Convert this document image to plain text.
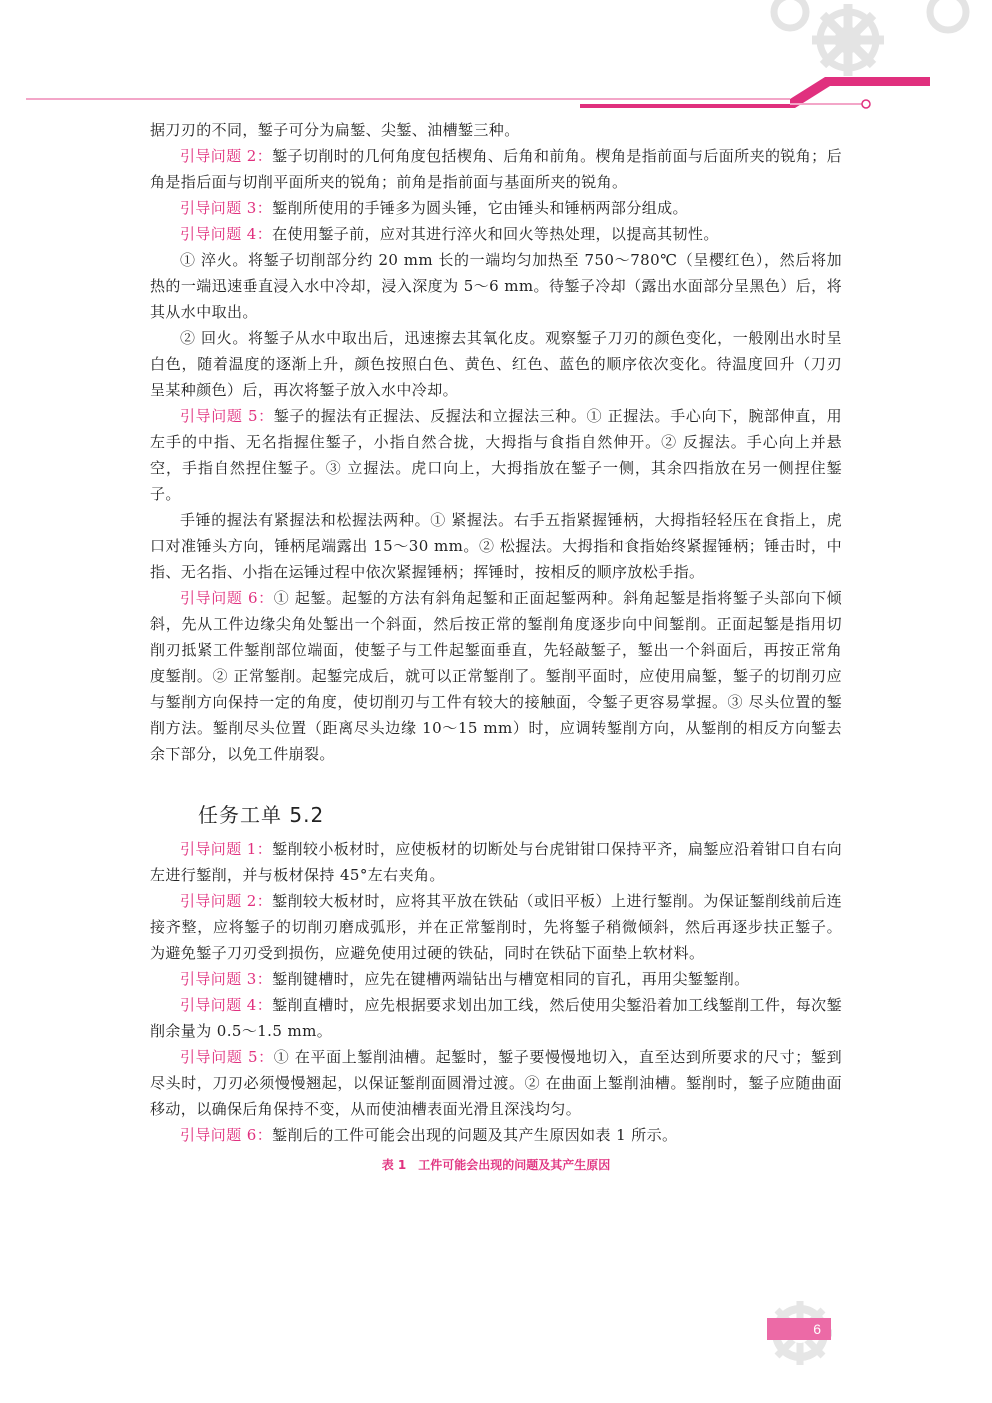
据刀刃的不同，錾子可分为扁錾、尖錾、油槽錾三种。

引导问题 2：錾子切削时的几何角度包括楔角、后角和前角。楔角是指前面与后面所夹的锐角；后角是指后面与切削平面所夹的锐角；前角是指前面与基面所夹的锐角。

引导问题 3：錾削所使用的手锤多为圆头锤，它由锤头和锤柄两部分组成。

引导问题 4：在使用錾子前，应对其进行淬火和回火等热处理，以提高其韧性。

① 淬火。将錾子切削部分约 20 mm 长的一端均匀加热至 750～780℃（呈樱红色），然后将加热的一端迅速垂直浸入水中冷却，浸入深度为 5～6 mm。待錾子冷却（露出水面部分呈黑色）后，将其从水中取出。

② 回火。将錾子从水中取出后，迅速擦去其氧化皮。观察錾子刀刃的颜色变化，一般刚出水时呈白色，随着温度的逐渐上升，颜色按照白色、黄色、红色、蓝色的顺序依次变化。待温度回升（刀刃呈某种颜色）后，再次将錾子放入水中冷却。

引导问题 5：錾子的握法有正握法、反握法和立握法三种。① 正握法。手心向下，腕部伸直，用左手的中指、无名指握住錾子，小指自然合拢，大拇指与食指自然伸开。② 反握法。手心向上并悬空，手指自然捏住錾子。③ 立握法。虎口向上，大拇指放在錾子一侧，其余四指放在另一侧捏住錾子。

手锤的握法有紧握法和松握法两种。① 紧握法。右手五指紧握锤柄，大拇指轻轻压在食指上，虎口对准锤头方向，锤柄尾端露出 15～30 mm。② 松握法。大拇指和食指始终紧握锤柄；锤击时，中指、无名指、小指在运锤过程中依次紧握锤柄；挥锤时，按相反的顺序放松手指。

引导问题 6：① 起錾。起錾的方法有斜角起錾和正面起錾两种。斜角起錾是指将錾子头部向下倾斜，先从工件边缘尖角处錾出一个斜面，然后按正常的錾削角度逐步向中间錾削。正面起錾是指用切削刃抵紧工件錾削部位端面，使錾子与工件起錾面垂直，先轻敲錾子，錾出一个斜面后，再按正常角度錾削。② 正常錾削。起錾完成后，就可以正常錾削了。錾削平面时，应使用扁錾，錾子的切削刃应与錾削方向保持一定的角度，使切削刃与工件有较大的接触面，令錾子更容易掌握。③ 尽头位置的錾削方法。錾削尽头位置（距离尽头边缘 10～15 mm）时，应调转錾削方向，从錾削的相反方向錾去余下部分，以免工件崩裂。

任务工单 5.2

引导问题 1：錾削较小板材时，应使板材的切断处与台虎钳钳口保持平齐，扁錾应沿着钳口自右向左进行錾削，并与板材保持 45°左右夹角。

引导问题 2：錾削较大板材时，应将其平放在铁砧（或旧平板）上进行錾削。为保证錾削线前后连接齐整，应将錾子的切削刃磨成弧形，并在正常錾削时，先将錾子稍微倾斜，然后再逐步扶正錾子。为避免錾子刀刃受到损伤，应避免使用过硬的铁砧，同时在铁砧下面垫上软材料。

引导问题 3：錾削键槽时，应先在键槽两端钻出与槽宽相同的盲孔，再用尖錾錾削。

引导问题 4：錾削直槽时，应先根据要求划出加工线，然后使用尖錾沿着加工线錾削工件，每次錾削余量为 0.5～1.5 mm。

引导问题 5：① 在平面上錾削油槽。起錾时，錾子要慢慢地切入，直至达到所要求的尺寸；錾到尽头时，刀刃必须慢慢翘起，以保证錾削面圆滑过渡。② 在曲面上錾削油槽。錾削时，錾子应随曲面移动，以确保后角保持不变，从而使油槽表面光滑且深浅均匀。

引导问题 6：錾削后的工件可能会出现的问题及其产生原因如表 1 所示。

表 1　工件可能会出现的问题及其产生原因
6
